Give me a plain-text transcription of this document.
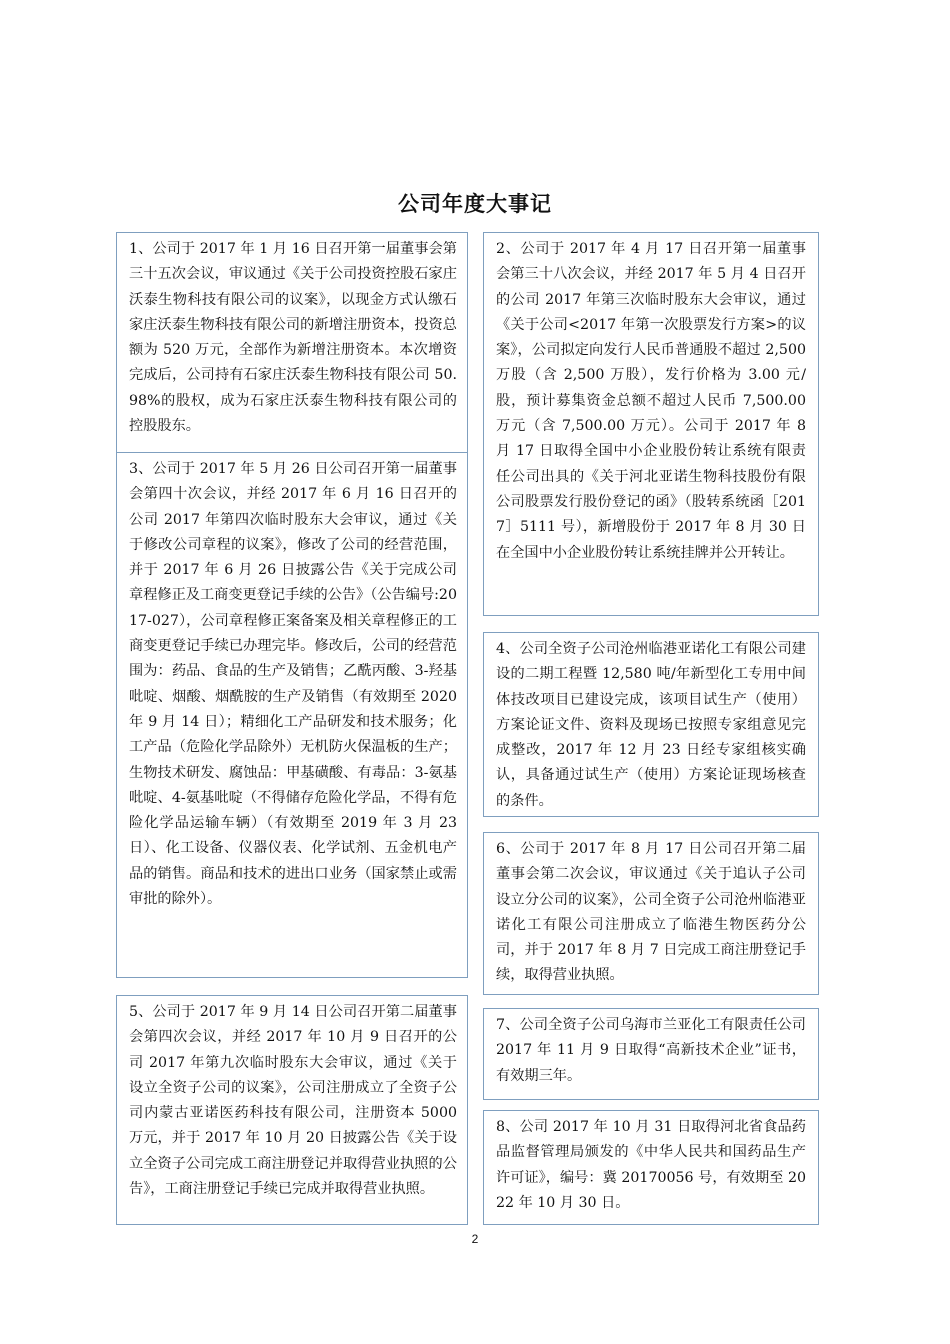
公司年度大事记

1、公司于 2017 年 1 月 16 日召开第一届董事会第三十五次会议，审议通过《关于公司投资控股石家庄沃泰生物科技有限公司的议案》，以现金方式认缴石家庄沃泰生物科技有限公司的新增注册资本，投资总额为 520 万元，全部作为新增注册资本。本次增资完成后，公司持有石家庄沃泰生物科技有限公司 50.98%的股权，成为石家庄沃泰生物科技有限公司的控股股东。

2、公司于 2017 年 4 月 17 日召开第一届董事会第三十八次会议，并经 2017 年 5 月 4 日召开的公司 2017 年第三次临时股东大会审议，通过《关于公司<2017 年第一次股票发行方案>的议案》，公司拟定向发行人民币普通股不超过 2,500 万股（含 2,500 万股），发行价格为 3.00 元/股，预计募集资金总额不超过人民币 7,500.00 万元（含 7,500.00 万元）。公司于 2017 年 8 月 17 日取得全国中小企业股份转让系统有限责任公司出具的《关于河北亚诺生物科技股份有限公司股票发行股份登记的函》（股转系统函［2017］5111 号），新增股份于 2017 年 8 月 30 日在全国中小企业股份转让系统挂牌并公开转让。

3、公司于 2017 年 5 月 26 日公司召开第一届董事会第四十次会议，并经 2017 年 6 月 16 日召开的公司 2017 年第四次临时股东大会审议，通过《关于修改公司章程的议案》，修改了公司的经营范围，并于 2017 年 6 月 26 日披露公告《关于完成公司章程修正及工商变更登记手续的公告》（公告编号:2017-027），公司章程修正案备案及相关章程修正的工商变更登记手续已办理完毕。修改后，公司的经营范围为：药品、食品的生产及销售；乙酰丙酸、3-羟基吡啶、烟酸、烟酰胺的生产及销售（有效期至 2020 年 9 月 14 日）；精细化工产品研发和技术服务；化工产品（危险化学品除外）无机防火保温板的生产；生物技术研发、腐蚀品：甲基磺酸、有毒品：3-氨基吡啶、4-氨基吡啶（不得储存危险化学品，不得有危险化学品运输车辆）（有效期至 2019 年 3 月 23 日）、化工设备、仪器仪表、化学试剂、五金机电产品的销售。商品和技术的进出口业务（国家禁止或需审批的除外）。

4、公司全资子公司沧州临港亚诺化工有限公司建设的二期工程暨 12,580 吨/年新型化工专用中间体技改项目已建设完成，该项目试生产（使用）方案论证文件、资料及现场已按照专家组意见完成整改，2017 年 12 月 23 日经专家组核实确认，具备通过试生产（使用）方案论证现场核查的条件。

6、公司于 2017 年 8 月 17 日公司召开第二届董事会第二次会议，审议通过《关于追认子公司设立分公司的议案》，公司全资子公司沧州临港亚诺化工有限公司注册成立了临港生物医药分公司，并于 2017 年 8 月 7 日完成工商注册登记手续，取得营业执照。

5、公司于 2017 年 9 月 14 日公司召开第二届董事会第四次会议，并经 2017 年 10 月 9 日召开的公司 2017 年第九次临时股东大会审议，通过《关于设立全资子公司的议案》，公司注册成立了全资子公司内蒙古亚诺医药科技有限公司，注册资本 5000 万元，并于 2017 年 10 月 20 日披露公告《关于设立全资子公司完成工商注册登记并取得营业执照的公告》，工商注册登记手续已完成并取得营业执照。

7、公司全资子公司乌海市兰亚化工有限责任公司 2017 年 11 月 9 日取得“高新技术企业”证书，有效期三年。

8、公司 2017 年 10 月 31 日取得河北省食品药品监督管理局颁发的《中华人民共和国药品生产许可证》，编号：冀 20170056 号，有效期至 2022 年 10 月 30 日。

2
